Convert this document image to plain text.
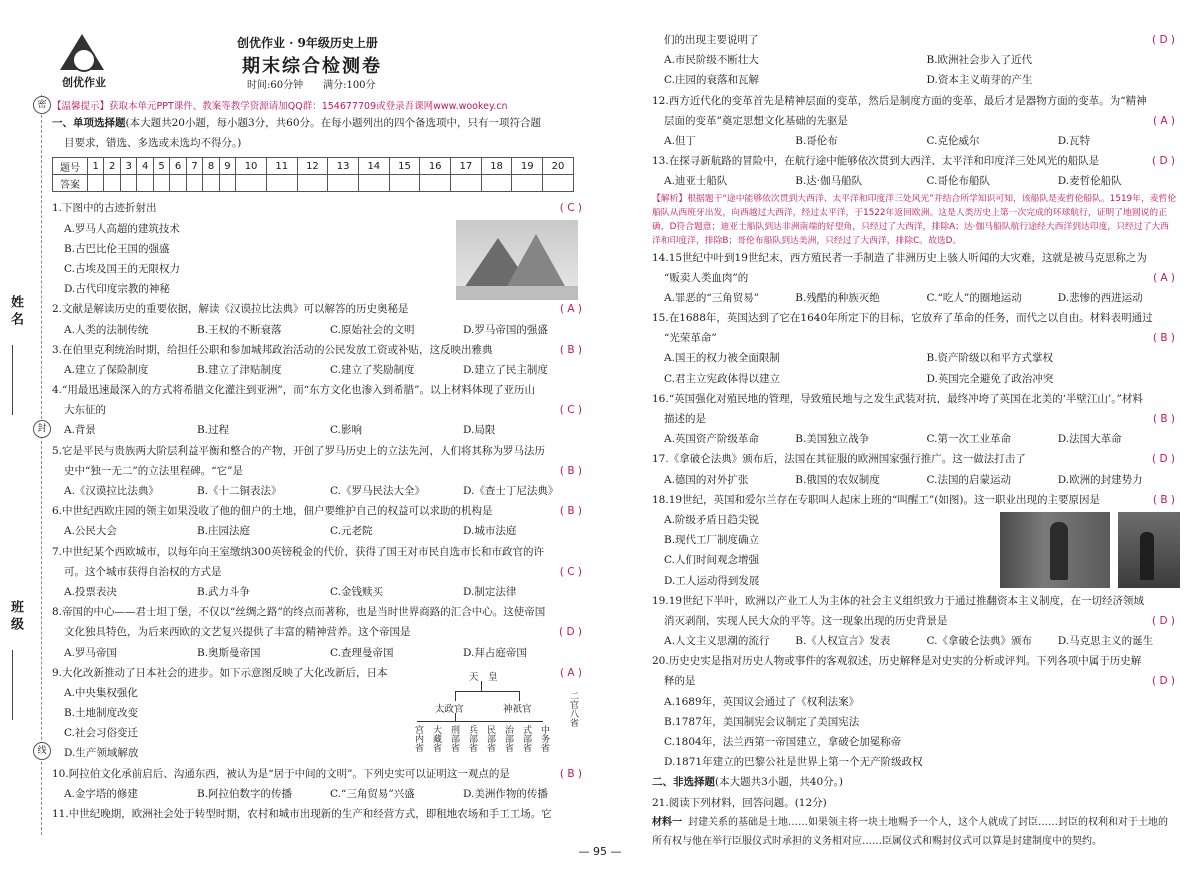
密
封
线
姓名
班级
创优作业
创优作业 · 9年级历史上册
期末综合检测卷
时间:60分钟　　满分:100分
【温馨提示】获取本单元PPT课件、教案等教学资源请加QQ群：154677709或登录吾课网www.wookey.cn
一、单项选择题(本大题共20小题，每小题3分，共60分。在每小题列出的四个备选项中，只有一项符合题
目要求，错选、多选或未选均不得分。)
题号	1	2	3	4	5	6	7	8	9	10	11	12	13	14	15	16	17	18	19	20
答案																				
1.下图中的古迹折射出	( C )
A.罗马人高超的建筑技术
B.古巴比伦王国的强盛
C.古埃及国王的无限权力
D.古代印度宗教的神秘
2.文献是解读历史的重要依据，解读《汉谟拉比法典》可以解答的历史奥秘是	( A )
A.人类的法制传统	B.王权的不断衰落	C.原始社会的文明	D.罗马帝国的强盛
3.在伯里克利统治时期，给担任公职和参加城邦政治活动的公民发放工资或补贴，这反映出雅典	( B )
A.建立了保险制度	B.建立了津贴制度	C.建立了奖励制度	D.建立了民主制度
4.“用最迅速最深入的方式将希腊文化灌注到亚洲”，而“东方文化也渗入到希腊”。以上材料体现了亚历山
大东征的	( C )
A.背景	B.过程	C.影响	D.局限
5.它是平民与贵族两大阶层利益平衡和整合的产物，开创了罗马历史上的立法先河，人们将其称为罗马法历
史中“独一无二”的立法里程碑。“它”是	( B )
A.《汉谟拉比法典》	B.《十二铜表法》	C.《罗马民法大全》	D.《查士丁尼法典》
6.中世纪西欧庄园的领主如果没收了他的佃户的土地，佃户要维护自己的权益可以求助的机构是	( B )
A.公民大会	B.庄园法庭	C.元老院	D.城市法庭
7.中世纪某个西欧城市，以每年向王室缴纳300英镑税金的代价，获得了国王对市民自选市长和市政官的许
可。这个城市获得自治权的方式是	( C )
A.投票表决	B.武力斗争	C.金钱赎买	D.制定法律
8.帝国的中心——君士坦丁堡，不仅以“丝绸之路”的终点而著称，也是当时世界商路的汇合中心。这使帝国
文化独具特色，为后来西欧的文艺复兴提供了丰富的精神营养。这个帝国是	( D )
A.罗马帝国	B.奥斯曼帝国	C.查理曼帝国	D.拜占庭帝国
9.大化改新推动了日本社会的进步。如下示意图反映了大化改新后，日本	( A )
A.中央集权强化
B.土地制度改变
C.社会习俗变迁
D.生产领域解放
天　皇
太政官	神祇官	二官八省
宫内省 大藏省 刑部省 兵部省 民部省 治部省 式部省 中务省
10.阿拉伯文化承前启后、沟通东西，被认为是“居于中间的文明”。下列史实可以证明这一观点的是	( B )
A.金字塔的修建	B.阿拉伯数字的传播	C.“三角贸易”兴盛	D.美洲作物的传播
11.中世纪晚期，欧洲社会处于转型时期，农村和城市出现新的生产和经营方式，即租地农场和手工工场。它
们的出现主要说明了	( D )
A.市民阶级不断壮大	B.欧洲社会步入了近代
C.庄园的衰落和瓦解	D.资本主义萌芽的产生
12.西方近代化的变革首先是精神层面的变革，然后是制度方面的变革，最后才是器物方面的变革。为“精神
层面的变革”奠定思想文化基础的先驱是	( A )
A.但丁	B.哥伦布	C.克伦威尔	D.瓦特
13.在探寻新航路的冒险中，在航行途中能够依次贯到大西洋、太平洋和印度洋三处风光的船队是	( D )
A.迪亚士船队	B.达·伽马船队	C.哥伦布船队	D.麦哲伦船队
【解析】根据题干“途中能够依次贯到大西洋、太平洋和印度洋三处风光”并结合所学知识可知，该船队是麦哲伦船队。1519年，麦哲伦船队从西班牙出发，向西越过大西洋，经过太平洋，于1522年返回欧洲。这是人类历史上第一次完成的环球航行，证明了地圆说的正确，D符合题意；迪亚士船队到达非洲南端的好望角，只经过了大西洋，排除A；达·伽马船队航行途经大西洋到达印度，只经过了大西洋和印度洋，排除B；哥伦布船队到达美洲，只经过了大西洋，排除C。故选D。
14.15世纪中叶到19世纪末，西方殖民者一手制造了非洲历史上骇人听闻的大灾难，这就是被马克思称之为
“贩卖人类血肉”的	( A )
A.罪恶的“三角贸易”	B.残酷的种族灭绝	C.“吃人”的圈地运动	D.悲惨的西进运动
15.在1688年，英国达到了它在1640年所定下的目标，它放弃了革命的任务，而代之以自由。材料表明通过
“光荣革命”	( B )
A.国王的权力被全面限制	B.资产阶级以和平方式掌权
C.君主立宪政体得以建立	D.英国完全避免了政治冲突
16.“英国强化对殖民地的管理，导致殖民地与之发生武装对抗，最终冲垮了英国在北美的‘半壁江山’。”材料
描述的是	( B )
A.英国资产阶级革命	B.美国独立战争	C.第一次工业革命	D.法国大革命
17.《拿破仑法典》颁布后，法国在其征服的欧洲国家强行推广。这一做法打击了	( D )
A.德国的对外扩张	B.俄国的农奴制度	C.法国的启蒙运动	D.欧洲的封建势力
18.19世纪，英国和爱尔兰存在专职叫人起床上班的“叫醒工”(如图)。这一职业出现的主要原因是	( B )
A.阶级矛盾日趋尖锐
B.现代工厂制度确立
C.人们时间观念增强
D.工人运动得到发展
19.19世纪下半叶，欧洲以产业工人为主体的社会主义组织致力于通过推翻资本主义制度，在一切经济领域
消灭剥削，实现人民大众的平等。这一现象出现的历史背景是	( D )
A.人文主义思潮的流行	B.《人权宣言》发表	C.《拿破仑法典》颁布	D.马克思主义的诞生
20.历史史实是指对历史人物或事件的客观叙述，历史解释是对史实的分析或评判。下列各项中属于历史解
释的是	( D )
A.1689年，英国议会通过了《权利法案》
B.1787年，美国制宪会议制定了美国宪法
C.1804年，法兰西第一帝国建立，拿破仑加冕称帝
D.1871年建立的巴黎公社是世界上第一个无产阶级政权
二、非选择题(本大题共3小题，共40分。)
21.阅读下列材料，回答问题。(12分)
材料一 封建关系的基础是土地……如果领主将一块土地赐予一个人，这个人就成了封臣……封臣的权利和对于土地的所有权与他在举行臣服仪式时承担的义务相对应……臣属仪式和赐封仪式可以算是封建制度中的契约。
— 95 —
